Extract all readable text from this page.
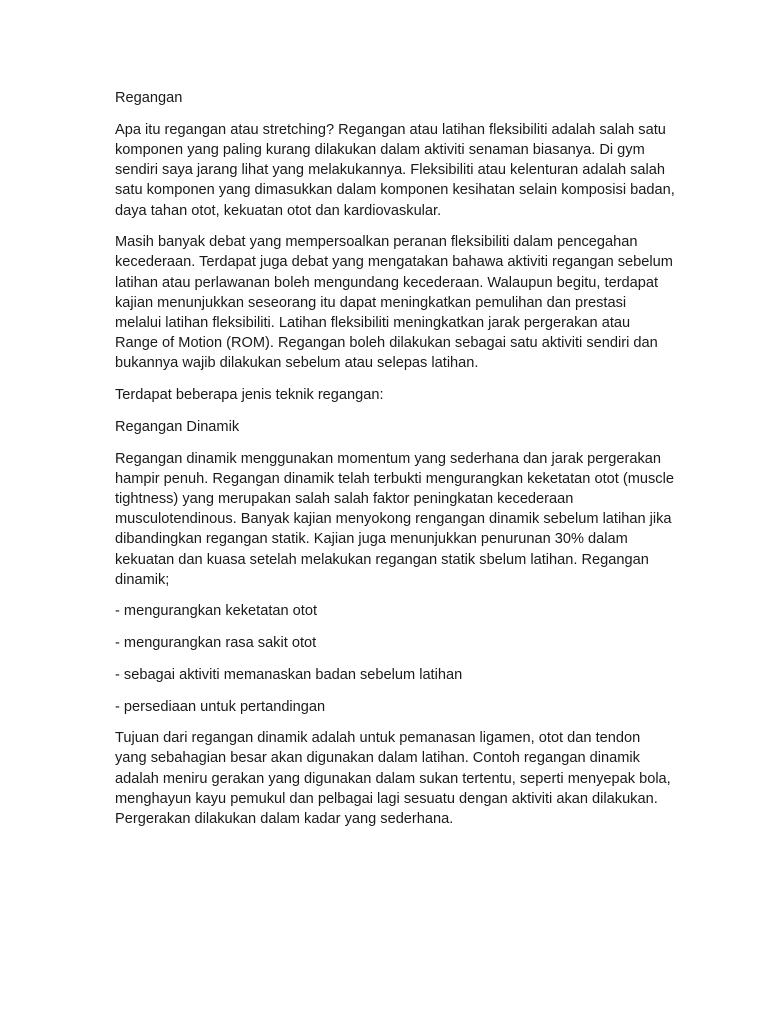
Regangan

Apa itu regangan atau stretching? Regangan atau latihan fleksibiliti adalah salah satu komponen yang paling kurang dilakukan dalam aktiviti senaman biasanya. Di gym sendiri saya jarang lihat yang melakukannya. Fleksibiliti atau kelenturan adalah salah satu komponen yang dimasukkan dalam komponen kesihatan selain komposisi badan, daya tahan otot, kekuatan otot dan kardiovaskular.

Masih banyak debat yang mempersoalkan peranan fleksibiliti dalam pencegahan kecederaan. Terdapat juga debat yang mengatakan bahawa aktiviti regangan sebelum latihan atau perlawanan boleh mengundang kecederaan. Walaupun begitu, terdapat kajian menunjukkan seseorang itu dapat meningkatkan pemulihan dan prestasi melalui latihan fleksibiliti. Latihan fleksibiliti meningkatkan jarak pergerakan atau Range of Motion (ROM). Regangan boleh dilakukan sebagai satu aktiviti sendiri dan bukannya wajib dilakukan sebelum atau selepas latihan.

Terdapat beberapa jenis teknik regangan:

Regangan Dinamik

Regangan dinamik menggunakan momentum yang sederhana dan jarak pergerakan hampir penuh. Regangan dinamik telah terbukti mengurangkan keketatan otot (muscle tightness) yang merupakan salah salah faktor peningkatan kecederaan musculotendinous. Banyak kajian menyokong rengangan dinamik sebelum latihan jika dibandingkan regangan statik. Kajian juga menunjukkan penurunan 30% dalam kekuatan dan kuasa setelah melakukan regangan statik sbelum latihan. Regangan dinamik;

- mengurangkan keketatan otot

- mengurangkan rasa sakit otot

- sebagai aktiviti memanaskan badan sebelum latihan

- persediaan untuk pertandingan

Tujuan dari regangan dinamik adalah untuk pemanasan ligamen, otot dan tendon yang sebahagian besar akan digunakan dalam latihan. Contoh regangan dinamik adalah meniru gerakan yang digunakan dalam sukan tertentu, seperti menyepak bola, menghayun kayu pemukul dan pelbagai lagi sesuatu dengan aktiviti akan dilakukan. Pergerakan dilakukan dalam kadar yang sederhana.
